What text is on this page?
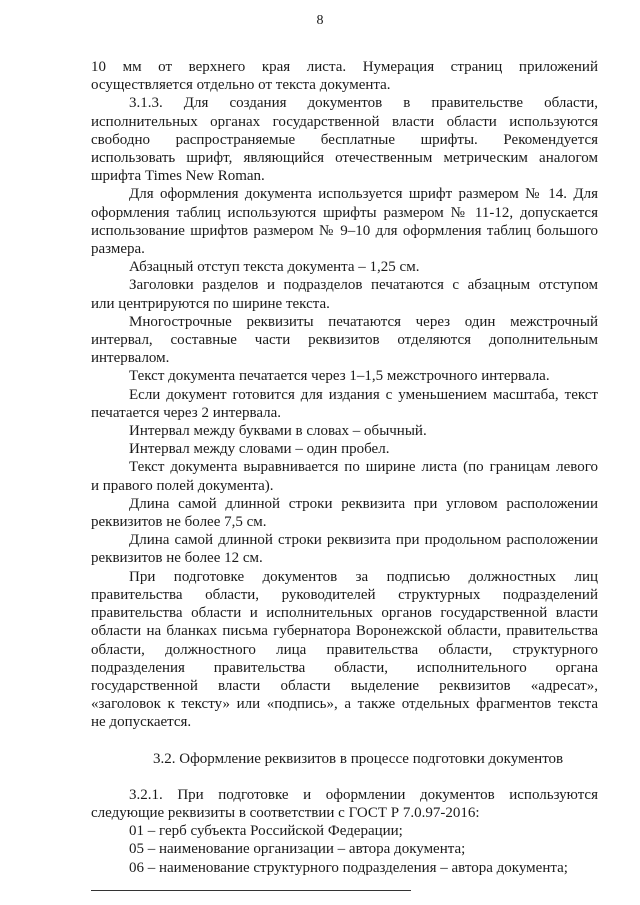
8

10 мм от верхнего края листа. Нумерация страниц приложений

осуществляется отдельно от текста документа.

3.1.3. Для создания документов в правительстве области,

исполнительных органах государственной власти области используются

свободно распространяемые бесплатные шрифты. Рекомендуется

использовать шрифт, являющийся отечественным метрическим аналогом

шрифта Times New Roman.

Для оформления документа используется шрифт размером № 14. Для

оформления таблиц используются шрифты размером № 11-12, допускается

использование шрифтов размером № 9–10 для оформления таблиц большого

размера.

Абзацный отступ текста документа – 1,25 см.

Заголовки разделов и подразделов печатаются с абзацным отступом

или центрируются по ширине текста.

Многострочные реквизиты печатаются через один межстрочный

интервал, составные части реквизитов отделяются дополнительным

интервалом.

Текст документа печатается через 1–1,5 межстрочного интервала.

Если документ готовится для издания с уменьшением масштаба, текст

печатается через 2 интервала.

Интервал между буквами в словах – обычный.

Интервал между словами – один пробел.

Текст документа выравнивается по ширине листа (по границам левого

и правого полей документа).

Длина самой длинной строки реквизита при угловом расположении

реквизитов не более 7,5 см.

Длина самой длинной строки реквизита при продольном расположении

реквизитов не более 12 см.

При подготовке документов за подписью должностных лиц

правительства области, руководителей структурных подразделений

правительства области и исполнительных органов государственной власти

области на бланках письма губернатора Воронежской области, правительства

области, должностного лица правительства области, структурного

подразделения правительства области, исполнительного органа

государственной власти области выделение реквизитов «адресат»,

«заголовок к тексту» или «подпись», а также отдельных фрагментов текста

не допускается.

3.2. Оформление реквизитов в процессе подготовки документов

3.2.1. При подготовке и оформлении документов используются

следующие реквизиты в соответствии с ГОСТ Р 7.0.97-2016:

01 – герб субъекта Российской Федерации;

05 – наименование организации – автора документа;

06 – наименование структурного подразделения – автора документа;
